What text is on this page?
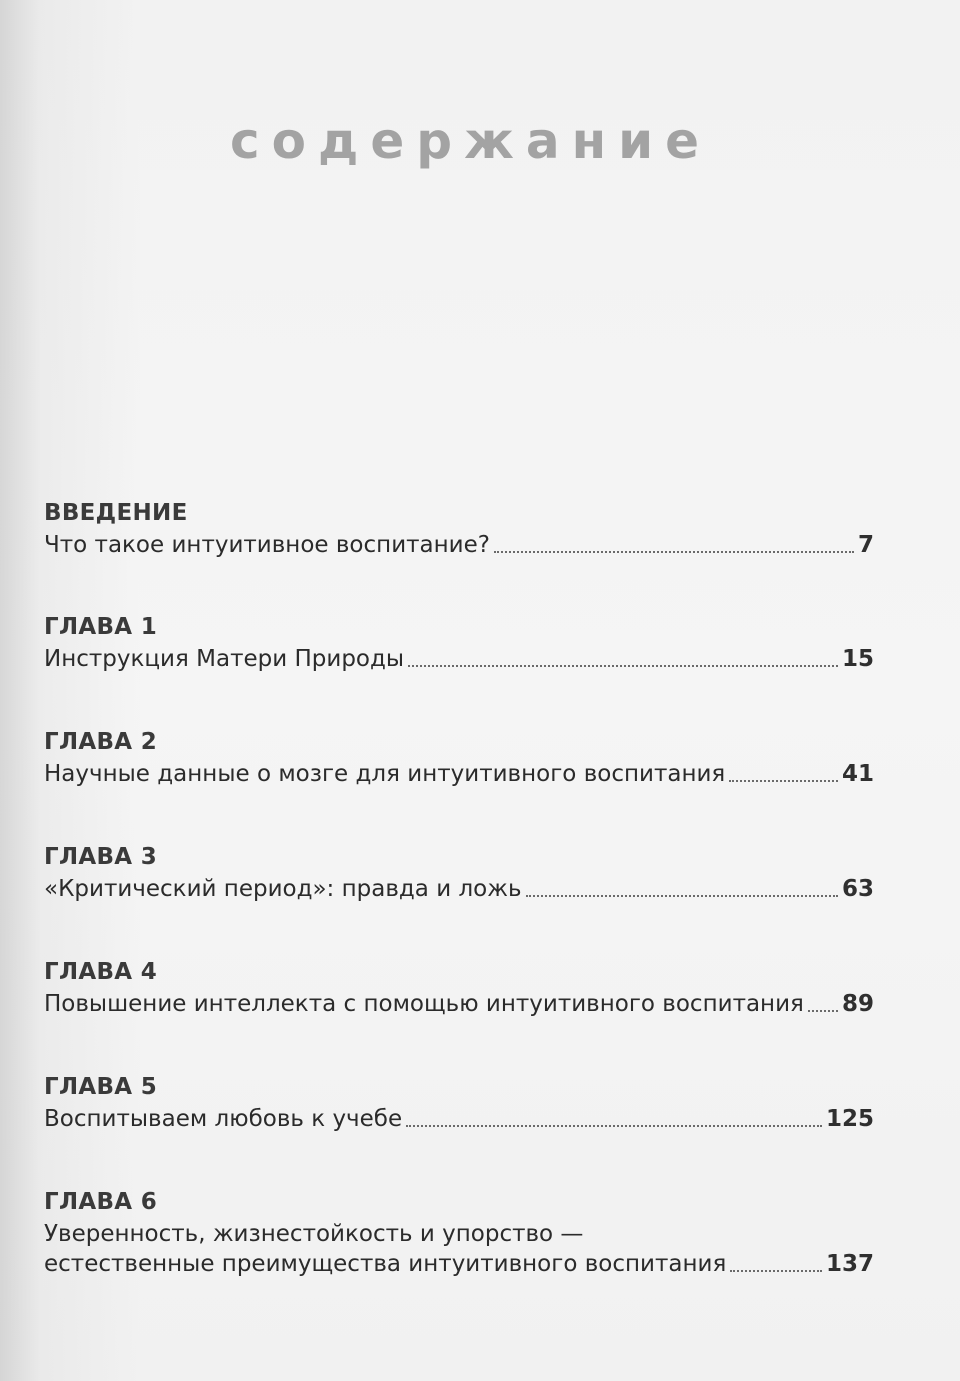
содержание
ВВЕДЕНИЕ
Что такое интуитивное воспитание?	7
ГЛАВА 1
Инструкция Матери Природы	15
ГЛАВА 2
Научные данные о мозге для интуитивного воспитания	41
ГЛАВА 3
«Критический период»: правда и ложь	63
ГЛАВА 4
Повышение интеллекта с помощью интуитивного воспитания 89
ГЛАВА 5
Воспитываем любовь к учебе	125
ГЛАВА 6
Уверенность, жизнестойкость и упорство —
естественные преимущества интуитивного воспитания	137
